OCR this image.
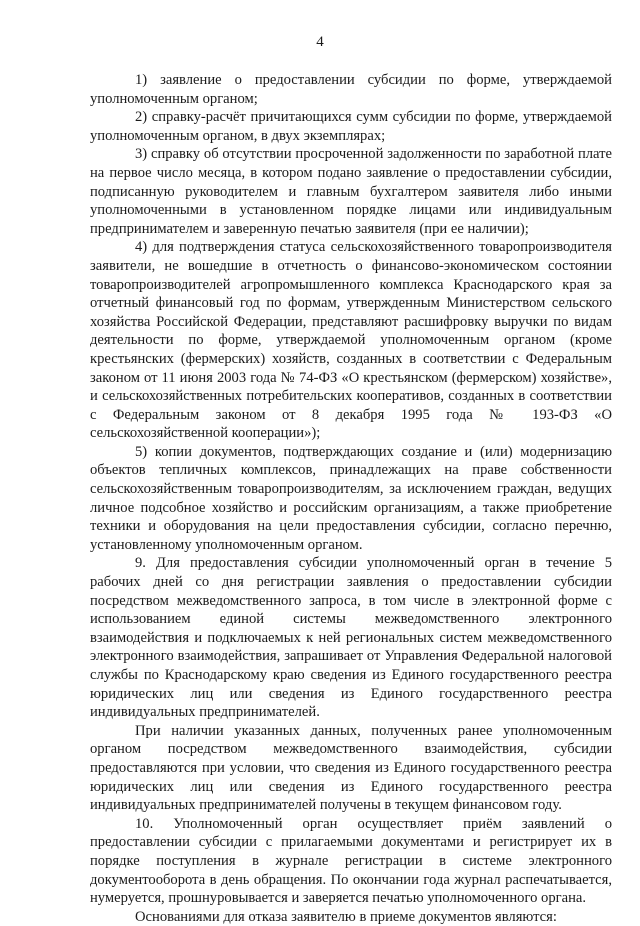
4

1) заявление о предоставлении субсидии по форме, утверждаемой уполномоченным органом;

2) справку-расчёт причитающихся сумм субсидии по форме, утверждаемой уполномоченным органом, в двух экземплярах;

3) справку об отсутствии просроченной задолженности по заработной плате на первое число месяца, в котором подано заявление о предоставлении субсидии, подписанную руководителем и главным бухгалтером заявителя либо иными уполномоченными в установленном порядке лицами или индивидуальным предпринимателем и заверенную печатью заявителя (при ее наличии);

4) для подтверждения статуса сельскохозяйственного товаропроизводителя заявители, не вошедшие в отчетность о финансово-экономическом состоянии товаропроизводителей агропромышленного комплекса Краснодарского края за отчетный финансовый год по формам, утвержденным Министерством сельского хозяйства Российской Федерации, представляют расшифровку выручки по видам деятельности по форме, утверждаемой уполномоченным органом (кроме крестьянских (фермерских) хозяйств, созданных в соответствии с Федеральным законом от 11 июня 2003 года № 74-ФЗ «О крестьянском (фермерском) хозяйстве», и сельскохозяйственных потребительских кооперативов, созданных в соответствии с Федеральным законом от 8 декабря 1995 года № 193-ФЗ «О сельскохозяйственной кооперации»);

5) копии документов, подтверждающих создание и (или) модернизацию объектов тепличных комплексов, принадлежащих на праве собственности сельскохозяйственным товаропроизводителям, за исключением граждан, ведущих личное подсобное хозяйство и российским организациям, а также приобретение техники и оборудования на цели предоставления субсидии, согласно перечню, установленному уполномоченным органом.

9. Для предоставления субсидии уполномоченный орган в течение 5 рабочих дней со дня регистрации заявления о предоставлении субсидии посредством межведомственного запроса, в том числе в электронной форме с использованием единой системы межведомственного электронного взаимодействия и подключаемых к ней региональных систем межведомственного электронного взаимодействия, запрашивает от Управления Федеральной налоговой службы по Краснодарскому краю сведения из Единого государственного реестра юридических лиц или сведения из Единого государственного реестра индивидуальных предпринимателей.

При наличии указанных данных, полученных ранее уполномоченным органом посредством межведомственного взаимодействия, субсидии предоставляются при условии, что сведения из Единого государственного реестра юридических лиц или сведения из Единого государственного реестра индивидуальных предпринимателей получены в текущем финансовом году.

10. Уполномоченный орган осуществляет приём заявлений о предоставлении субсидии с прилагаемыми документами и регистрирует их в порядке поступления в журнале регистрации в системе электронного документооборота в день обращения. По окончании года журнал распечатывается, нумеруется, прошнуровывается и заверяется печатью уполномоченного органа.

Основаниями для отказа заявителю в приеме документов являются:
